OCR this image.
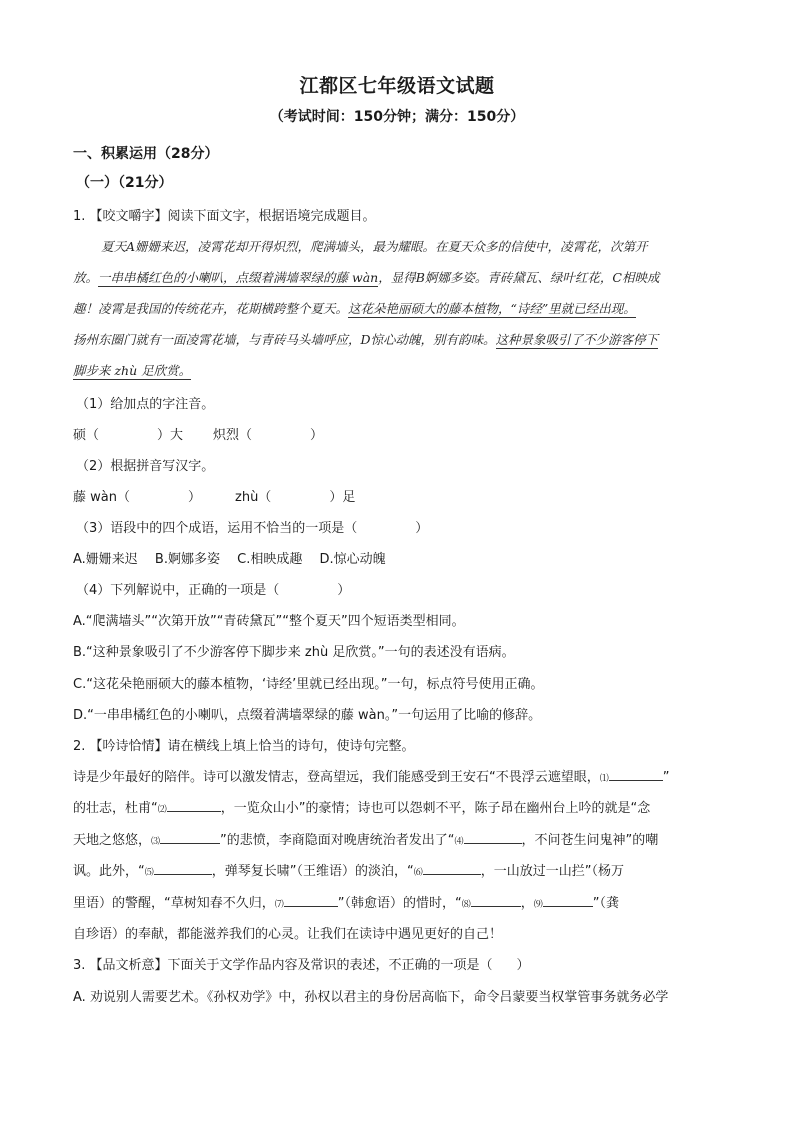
江都区七年级语文试题
（考试时间：150分钟；满分：150分）
一、积累运用（28分）
（一）（21分）
1. 【咬文嚼字】阅读下面文字，根据语境完成题目。
夏天A姗姗来迟，凌霄花却开得炽烈，爬满墙头，最为耀眼。在夏天众多的信使中，凌霄花，次第开
放。一串串橘红色的小喇叭，点缀着满墙翠绿的藤 wàn，显得B婀娜多姿。青砖黛瓦、绿叶红花，C相映成
趣！凌霄是我国的传统花卉，花期横跨整个夏天。这花朵艳丽硕大的藤本植物，“诗经”里就已经出现。
扬州东圈门就有一面凌霄花墙，与青砖马头墙呼应，D惊心动魄，别有韵味。这种景象吸引了不少游客停下
脚步来 zhù 足欣赏。
（1）给加点的字注音。
硕（	）大 炽烈（	）
（2）根据拼音写汉字。
藤 wàn（	）	zhù（	）足
（3）语段中的四个成语，运用不恰当的一项是（	）
A.姗姗来迟　 B.婀娜多姿　 C.相映成趣　 D.惊心动魄
（4）下列解说中，正确的一项是（	）
A.“爬满墙头”“次第开放”“青砖黛瓦”“整个夏天”四个短语类型相同。
B.“这种景象吸引了不少游客停下脚步来 zhù 足欣赏。”一句的表述没有语病。
C.“这花朵艳丽硕大的藤本植物，‘诗经’里就已经出现。”一句，标点符号使用正确。
D.“一串串橘红色的小喇叭，点缀着满墙翠绿的藤 wàn。”一句运用了比喻的修辞。
2. 【吟诗恰情】请在横线上填上恰当的诗句，使诗句完整。
诗是少年最好的陪伴。诗可以激发情志，登高望远，我们能感受到王安石“不畏浮云遮望眼，⑴	”
的壮志，杜甫“⑵	，一览众山小”的豪情；诗也可以怨刺不平，陈子昂在幽州台上吟的就是“念
天地之悠悠，⑶	”的悲愤，李商隐面对晚唐统治者发出了“⑷	，不问苍生问鬼神”的嘲
讽。此外，“⑸	，弹琴复长啸”（王维语）的淡泊，“⑹	，一山放过一山拦”（杨万
里语）的警醒，“草树知春不久归，⑺	”（韩愈语）的惜时，“⑻	，⑼	”（龚
自珍语）的奉献，都能滋养我们的心灵。让我们在读诗中遇见更好的自己！
3. 【品文析意】下面关于文学作品内容及常识的表述，不正确的一项是（ ）
A. 劝说别人需要艺术。《孙权劝学》中，孙权以君主的身份居高临下，命令吕蒙要当权掌管事务就务必学
